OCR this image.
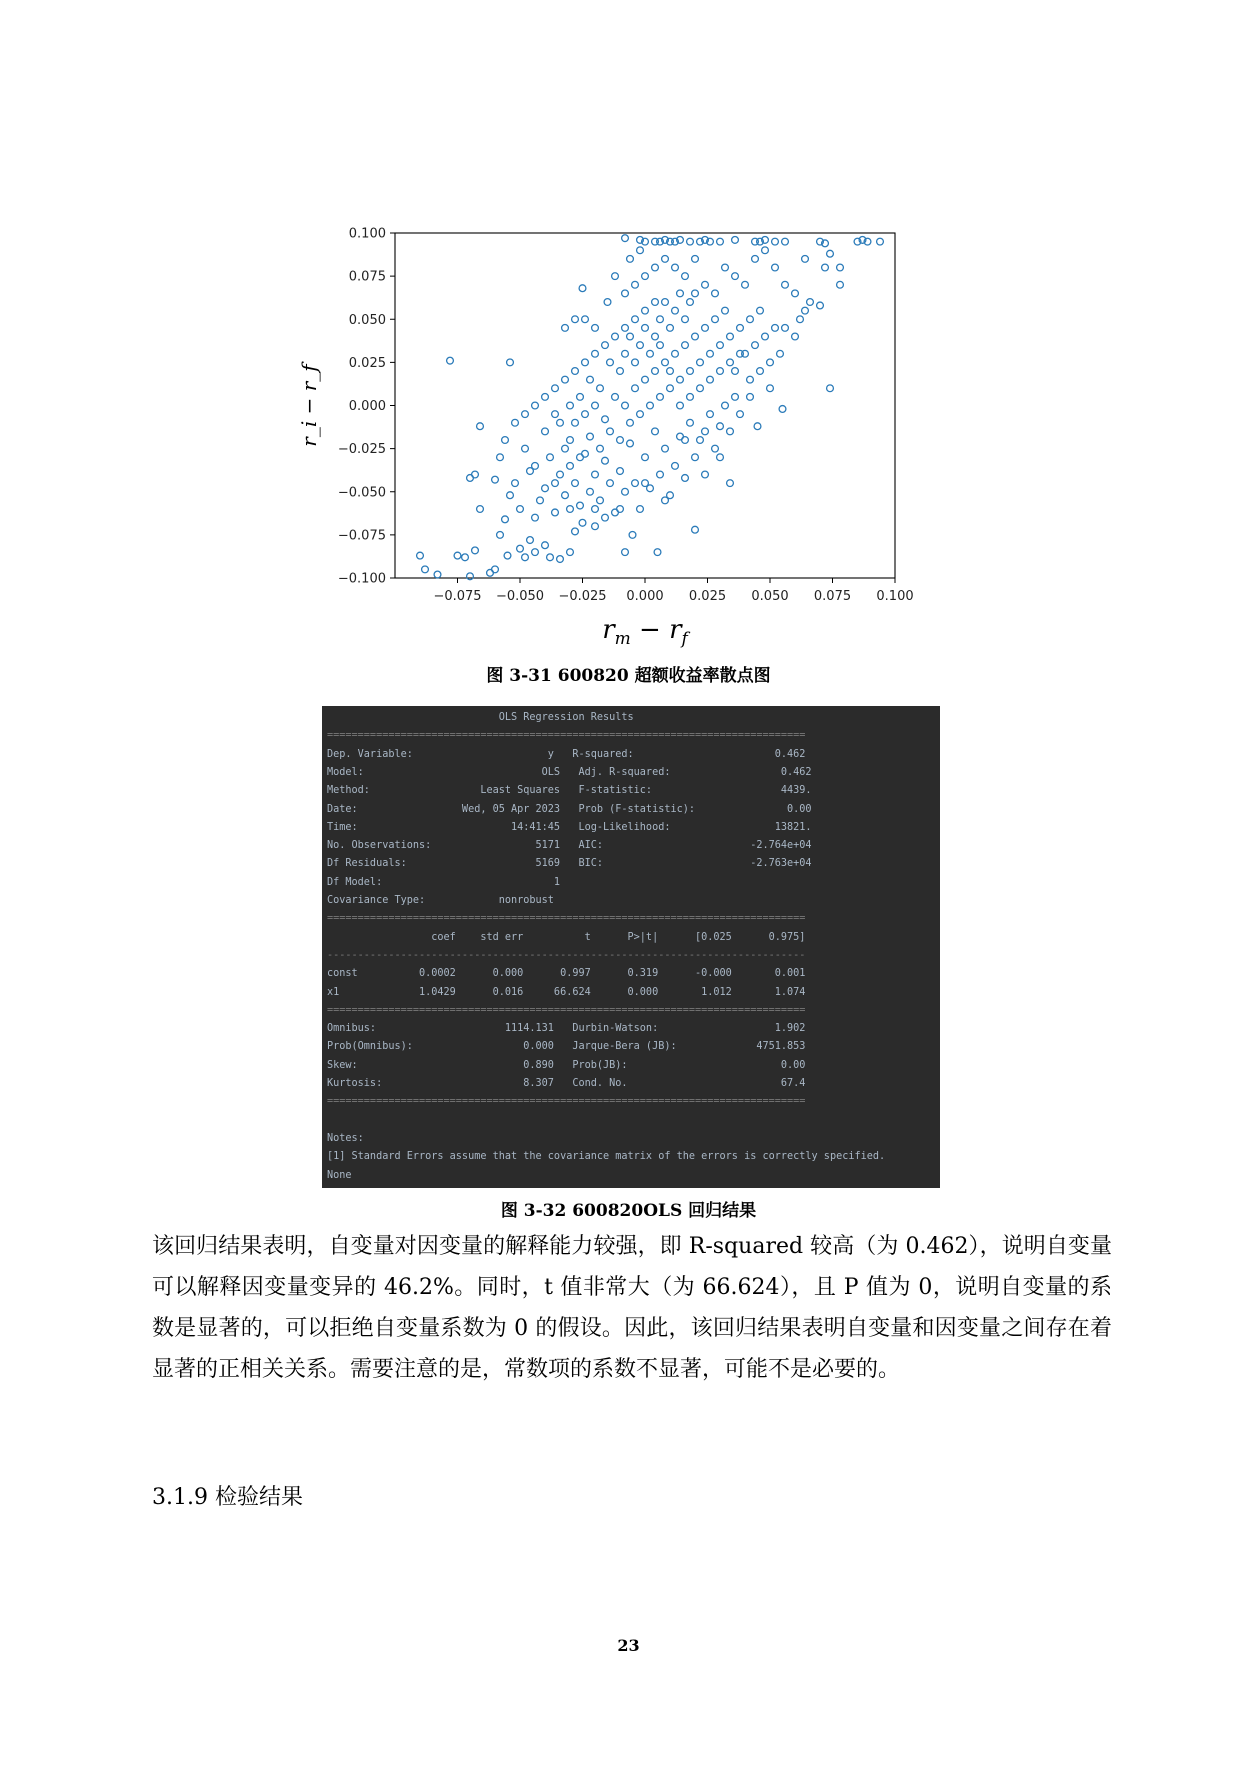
−0.075 −0.050 −0.025 0.000 0.025 0.050 0.075 0.100
0.100
0.075
0.050
0.025
0.000
−0.025
−0.050
−0.075
−0.100
r_i − r_f
$r_m - r_f$
图 3-31 600820 超额收益率散点图
OLS Regression Results
==============================================================================
Dep. Variable:                      y   R-squared:                       0.462
Model:                             OLS   Adj. R-squared:                  0.462
Method:                  Least Squares   F-statistic:                     4439.
Date:                 Wed, 05 Apr 2023   Prob (F-statistic):               0.00
Time:                         14:41:45   Log-Likelihood:                 13821.
No. Observations:                 5171   AIC:                        -2.764e+04
Df Residuals:                     5169   BIC:                        -2.763e+04
Df Model:                            1
Covariance Type:            nonrobust
==============================================================================
coef    std err          t      P>|t|      [0.025      0.975]
------------------------------------------------------------------------------
const          0.0002      0.000      0.997      0.319      -0.000       0.001
x1             1.0429      0.016     66.624      0.000       1.012       1.074
==============================================================================
Omnibus:                     1114.131   Durbin-Watson:                   1.902
Prob(Omnibus):                  0.000   Jarque-Bera (JB):             4751.853
Skew:                           0.890   Prob(JB):                         0.00
Kurtosis:                       8.307   Cond. No.                         67.4
==============================================================================
Notes:
[1] Standard Errors assume that the covariance matrix of the errors is correctly specified.
None
图 3-32 600820OLS 回归结果
该回归结果表明，自变量对因变量的解释能力较强，即 R-squared 较高（为 0.462），说明自变量可以解释因变量变异的 46.2%。同时，t 值非常大（为 66.624），且 P 值为 0，说明自变量的系数是显著的，可以拒绝自变量系数为 0 的假设。因此，该回归结果表明自变量和因变量之间存在着显著的正相关关系。需要注意的是，常数项的系数不显著，可能不是必要的。
3.1.9 检验结果
23
